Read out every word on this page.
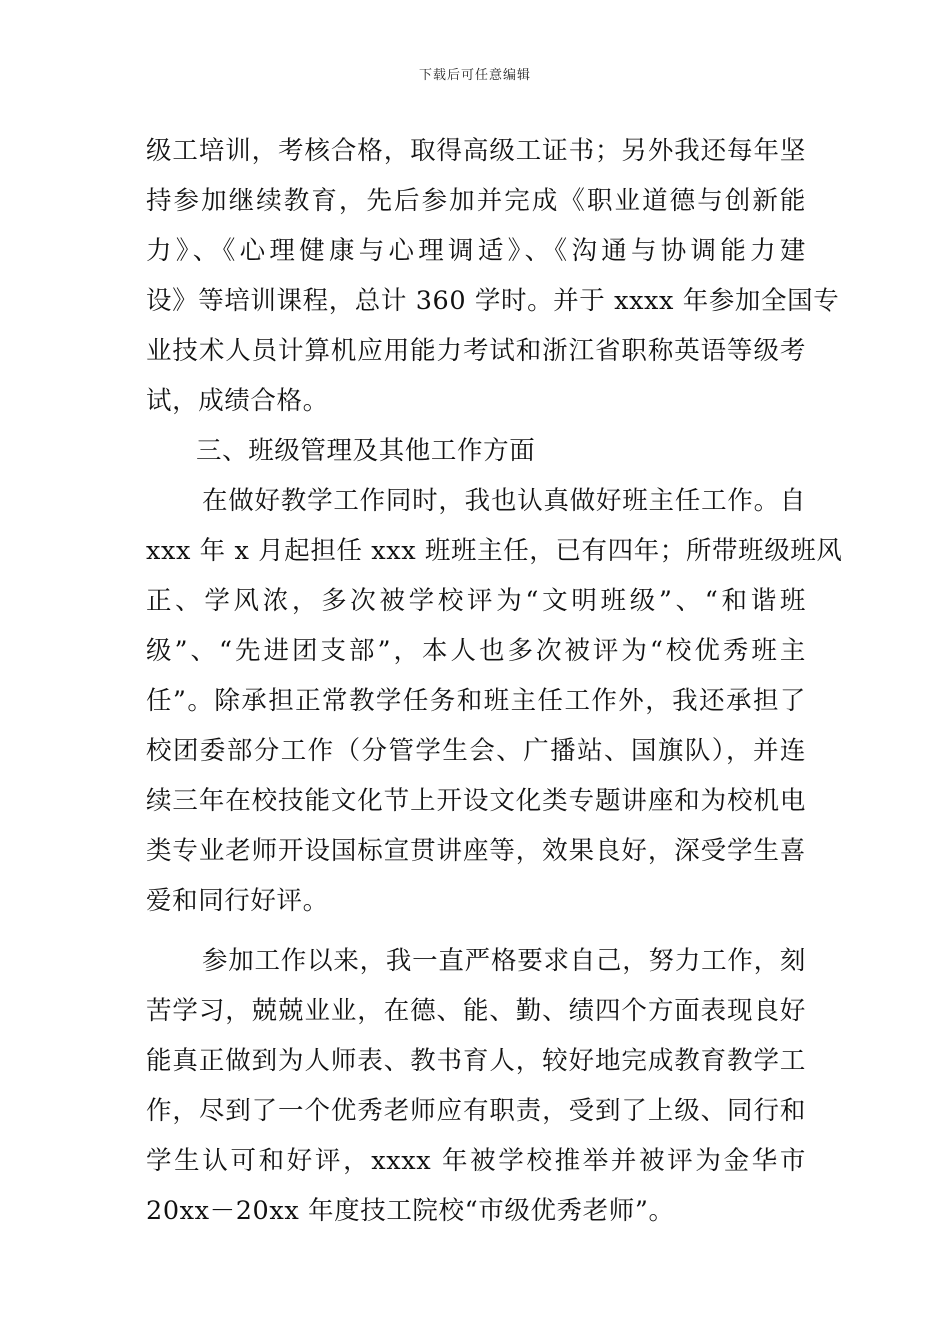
下载后可任意编辑
级工培训，考核合格，取得高级工证书；另外我还每年坚
持参加继续教育，先后参加并完成《职业道德与创新能
力》、《心理健康与心理调适》、《沟通与协调能力建
设》等培训课程，总计 360 学时。并于 xxxx 年参加全国专
业技术人员计算机应用能力考试和浙江省职称英语等级考
试，成绩合格。
三、班级管理及其他工作方面
在做好教学工作同时，我也认真做好班主任工作。自
xxx 年 x 月起担任 xxx 班班主任，已有四年；所带班级班风
正、学风浓，多次被学校评为“文明班级”、“和谐班
级”、“先进团支部”，本人也多次被评为“校优秀班主
任”。除承担正常教学任务和班主任工作外，我还承担了
校团委部分工作（分管学生会、广播站、国旗队），并连
续三年在校技能文化节上开设文化类专题讲座和为校机电
类专业老师开设国标宣贯讲座等，效果良好，深受学生喜
爱和同行好评。
参加工作以来，我一直严格要求自己，努力工作，刻
苦学习，兢兢业业，在德、能、勤、绩四个方面表现良好
能真正做到为人师表、教书育人，较好地完成教育教学工
作，尽到了一个优秀老师应有职责，受到了上级、同行和
学生认可和好评，xxxx 年被学校推举并被评为金华市
20xx－20xx 年度技工院校“市级优秀老师”。
